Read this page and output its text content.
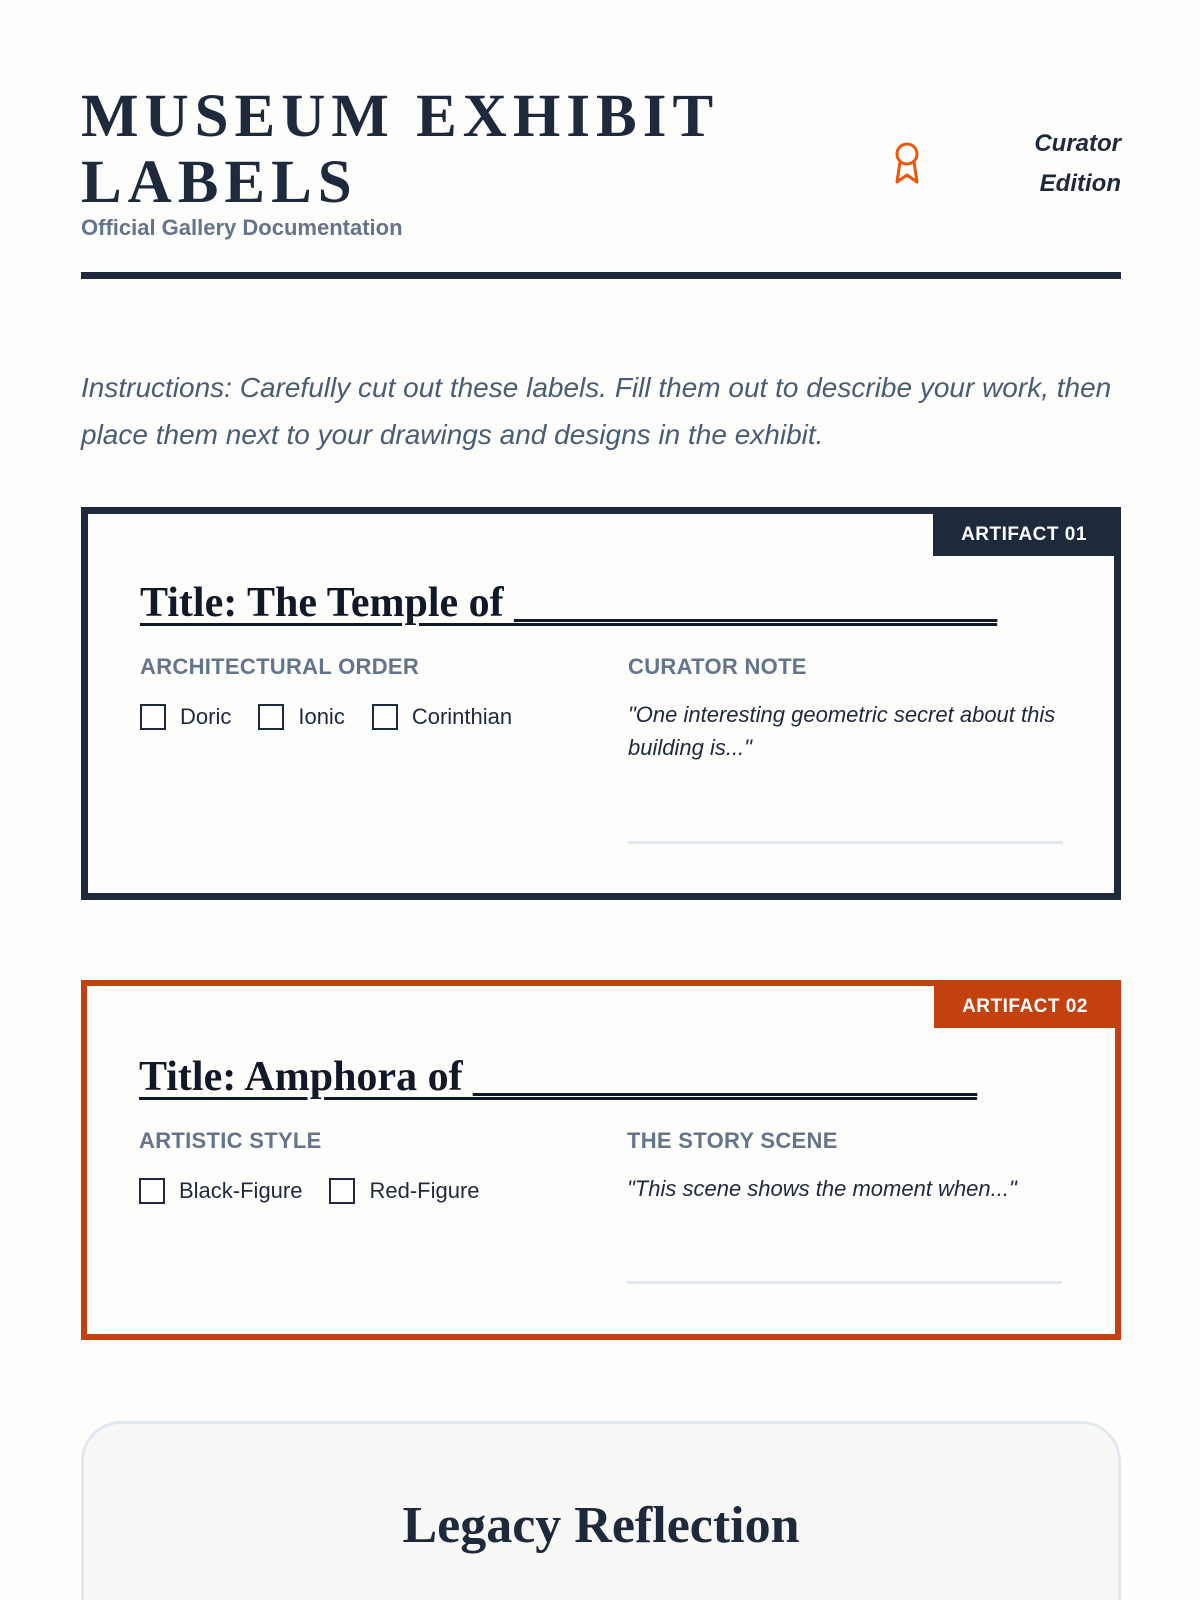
MUSEUM EXHIBIT LABELS
Official Gallery Documentation
Curator
Edition

Instructions: Carefully cut out these labels. Fill them out to describe your work, then place them next to your drawings and designs in the exhibit.

ARTIFACT 01
Title: The Temple of _______________________
ARCHITECTURAL ORDER
Doric	Ionic	Corinthian
CURATOR NOTE

"One interesting geometric secret about this building is..."

ARTIFACT 02
Title: Amphora of ________________________
ARTISTIC STYLE
Black-Figure	Red-Figure
THE STORY SCENE

"This scene shows the moment when..."

Legacy Reflection
